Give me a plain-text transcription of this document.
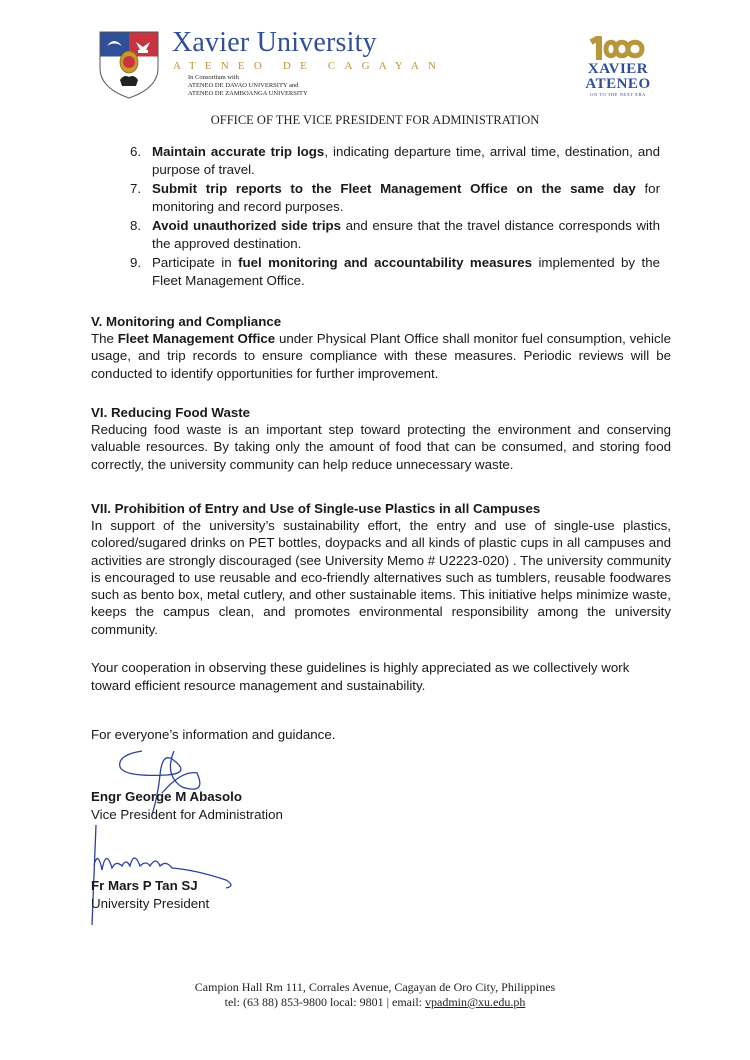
Xavier University
ATENEO DE CAGAYAN
In Consortium with
ATENEO DE DAVAO UNIVERSITY and
ATENEO DE ZAMBOANGA UNIVERSITY
XAVIER
ATENEO
ON TO THE NEXT ERA
OFFICE OF THE VICE PRESIDENT FOR ADMINISTRATION
6. Maintain accurate trip logs, indicating departure time, arrival time, destination, and purpose of travel.

7. Submit trip reports to the Fleet Management Office on the same day for monitoring and record purposes.

8. Avoid unauthorized side trips and ensure that the travel distance corresponds with the approved destination.

9. Participate in fuel monitoring and accountability measures implemented by the Fleet Management Office.

V. Monitoring and Compliance

The Fleet Management Office under Physical Plant Office shall monitor fuel consumption, vehicle usage, and trip records to ensure compliance with these measures. Periodic reviews will be conducted to identify opportunities for further improvement.

VI. Reducing Food Waste

Reducing food waste is an important step toward protecting the environment and conserving valuable resources. By taking only the amount of food that can be consumed, and storing food correctly, the university community can help reduce unnecessary waste.

VII. Prohibition of Entry and Use of Single-use Plastics in all Campuses

In support of the university’s sustainability effort, the entry and use of single-use plastics, colored/sugared drinks on PET bottles, doypacks and all kinds of plastic cups in all campuses and activities are strongly discouraged (see University Memo # U2223-020) . The university community is encouraged to use reusable and eco-friendly alternatives such as tumblers, reusable foodwares such as bento box, metal cutlery, and other sustainable items. This initiative helps minimize waste, keeps the campus clean, and promotes environmental responsibility among the university community.

Your cooperation in observing these guidelines is highly appreciated as we collectively work toward efficient resource management and sustainability.

For everyone’s information and guidance.

Engr George M Abasolo
Vice President for Administration
Fr Mars P Tan SJ
University President
Campion Hall Rm 111, Corrales Avenue, Cagayan de Oro City, Philippines
tel: (63 88) 853-9800 local: 9801 | email: vpadmin@xu.edu.ph
